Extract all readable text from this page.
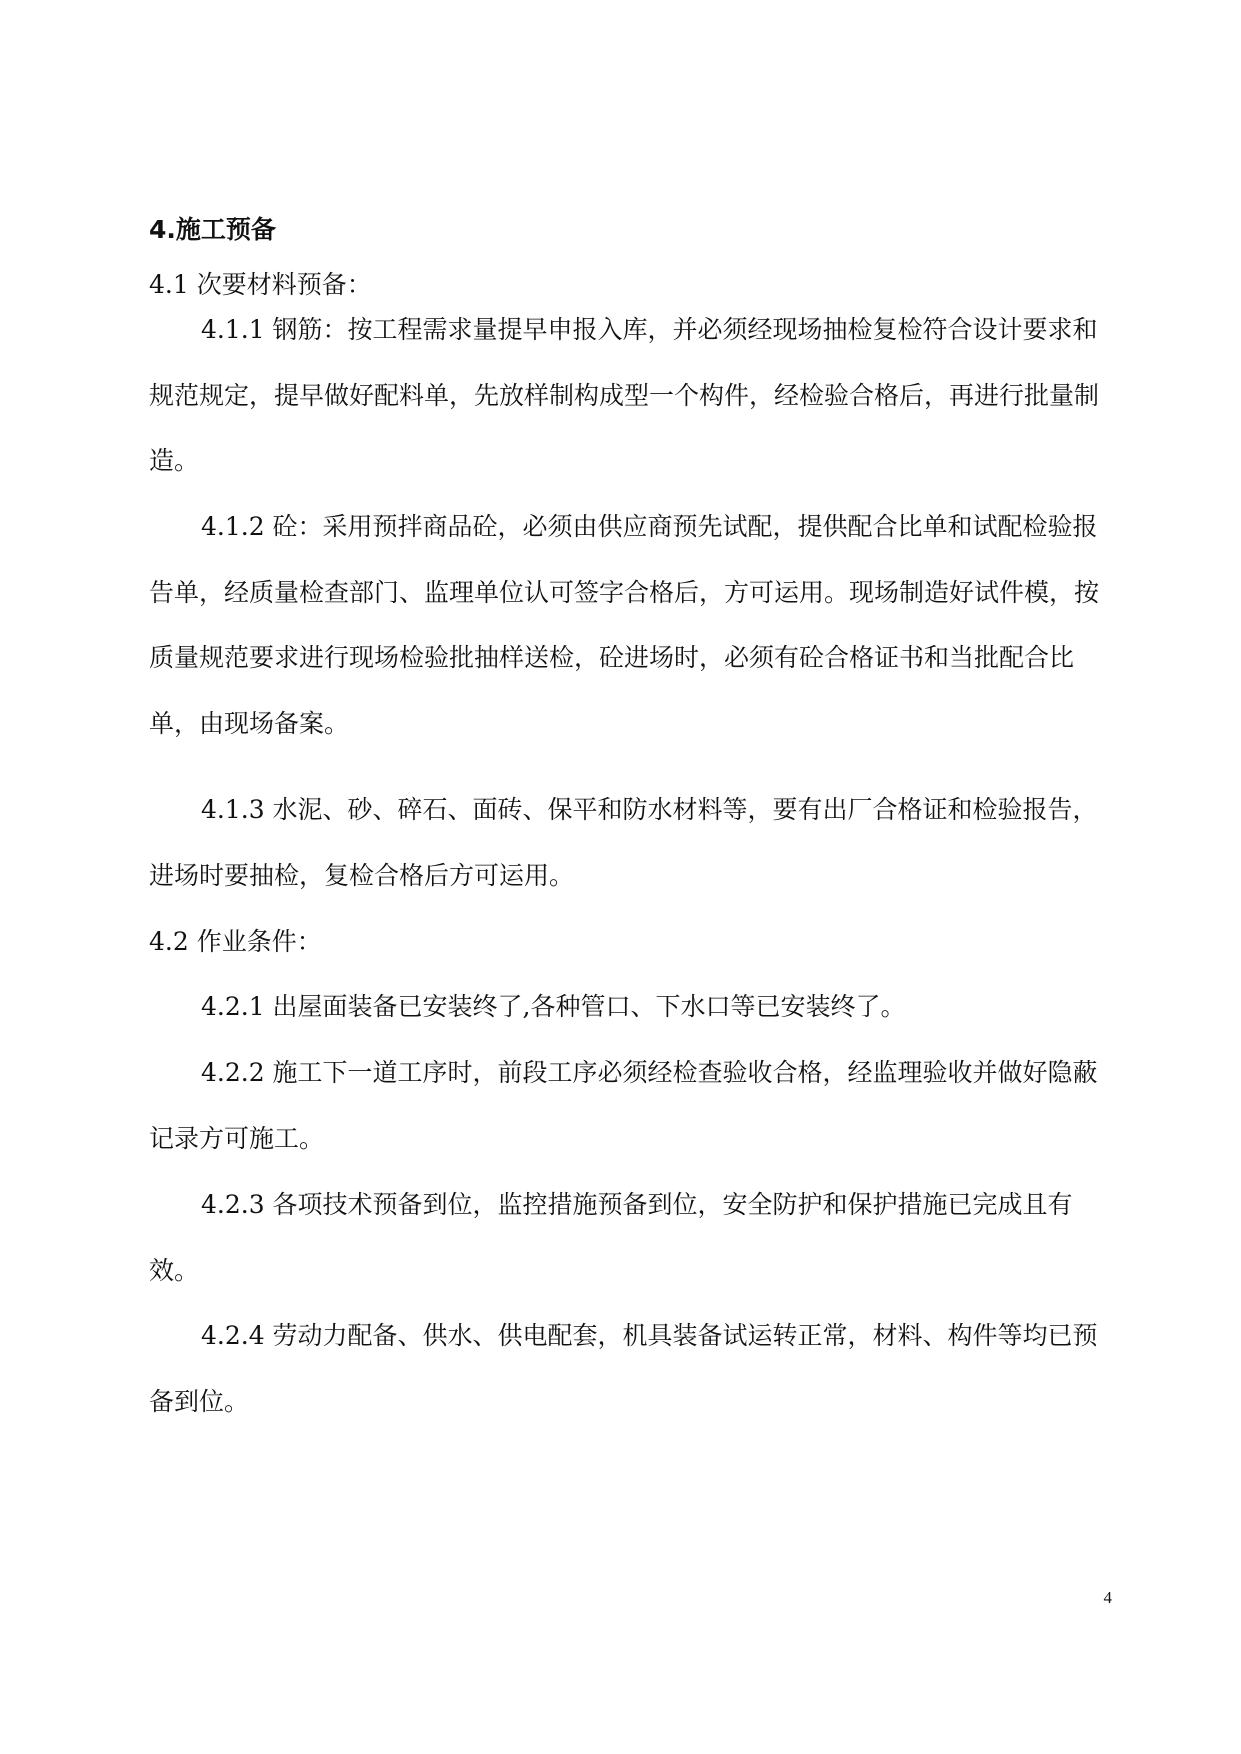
4.施工预备

4.1 次要材料预备：

4.1.1 钢筋：按工程需求量提早申报入库，并必须经现场抽检复检符合设计要求和规范规定，提早做好配料单，先放样制构成型一个构件，经检验合格后，再进行批量制造。

4.1.2 砼：采用预拌商品砼，必须由供应商预先试配，提供配合比单和试配检验报告单，经质量检查部门、监理单位认可签字合格后，方可运用。现场制造好试件模，按质量规范要求进行现场检验批抽样送检，砼进场时，必须有砼合格证书和当批配合比单，由现场备案。

4.1.3 水泥、砂、碎石、面砖、保平和防水材料等，要有出厂合格证和检验报告，进场时要抽检，复检合格后方可运用。

4.2 作业条件：

4.2.1 出屋面装备已安装终了,各种管口、下水口等已安装终了。

4.2.2 施工下一道工序时，前段工序必须经检查验收合格，经监理验收并做好隐蔽记录方可施工。

4.2.3 各项技术预备到位，监控措施预备到位，安全防护和保护措施已完成且有效。

4.2.4 劳动力配备、供水、供电配套，机具装备试运转正常，材料、构件等均已预备到位。

4
